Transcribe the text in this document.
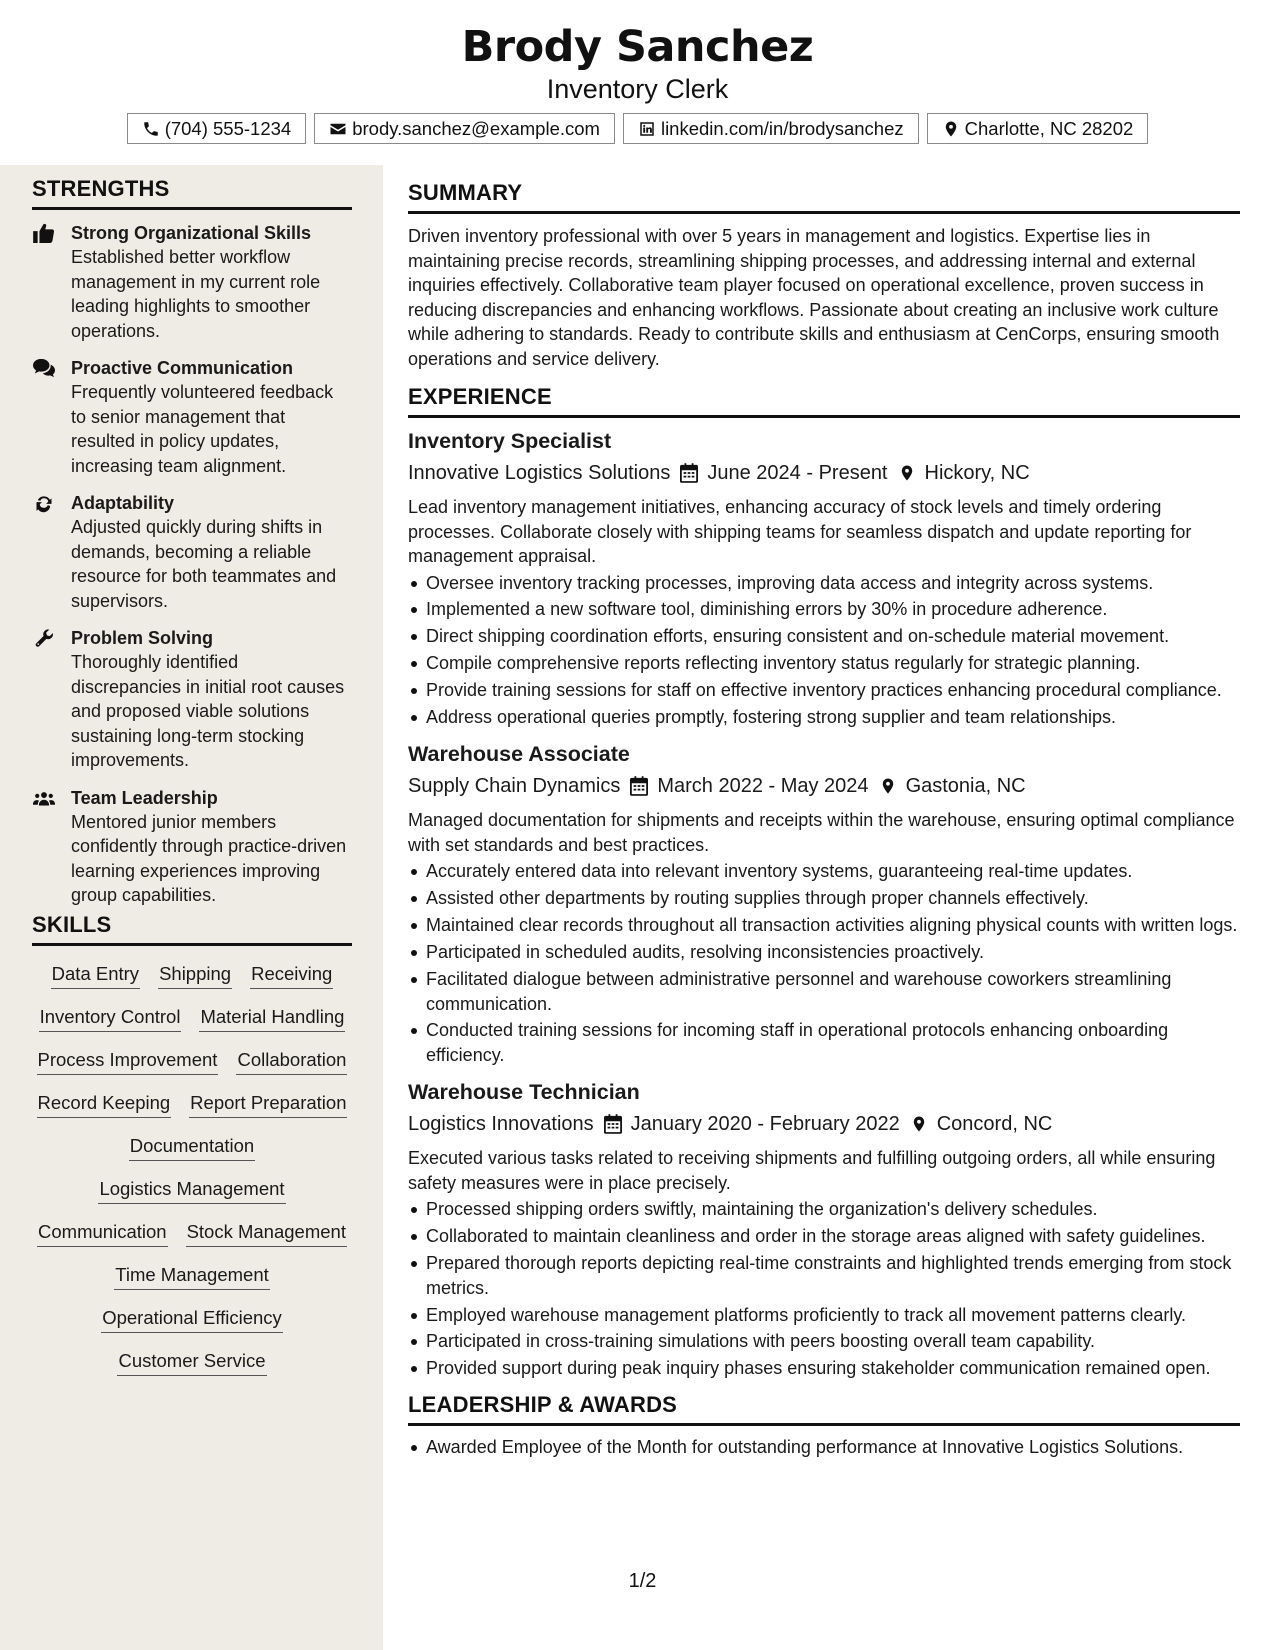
Brody Sanchez
Inventory Clerk
(704) 555-1234	brody.sanchez@example.com	linkedin.com/in/brodysanchez	Charlotte, NC 28202
STRENGTHS
Strong Organizational Skills
Established better workflow management in my current role leading highlights to smoother operations.
Proactive Communication
Frequently volunteered feedback to senior management that resulted in policy updates, increasing team alignment.
Adaptability
Adjusted quickly during shifts in demands, becoming a reliable resource for both teammates and supervisors.
Problem Solving
Thoroughly identified discrepancies in initial root causes and proposed viable solutions sustaining long-term stocking improvements.
Team Leadership
Mentored junior members confidently through practice-driven learning experiences improving group capabilities.
SKILLS
Data Entry Shipping Receiving
Inventory Control Material Handling
Process Improvement Collaboration
Record Keeping Report Preparation
Documentation
Logistics Management
Communication Stock Management
Time Management
Operational Efficiency
Customer Service
SUMMARY
Driven inventory professional with over 5 years in management and logistics. Expertise lies in maintaining precise records, streamlining shipping processes, and addressing internal and external inquiries effectively. Collaborative team player focused on operational excellence, proven success in reducing discrepancies and enhancing workflows. Passionate about creating an inclusive work culture while adhering to standards. Ready to contribute skills and enthusiasm at CenCorps, ensuring smooth operations and service delivery.
EXPERIENCE
Inventory Specialist
Innovative Logistics Solutions June 2024 - Present Hickory, NC
Lead inventory management initiatives, enhancing accuracy of stock levels and timely ordering processes. Collaborate closely with shipping teams for seamless dispatch and update reporting for management appraisal.
Oversee inventory tracking processes, improving data access and integrity across systems.
Implemented a new software tool, diminishing errors by 30% in procedure adherence.
Direct shipping coordination efforts, ensuring consistent and on-schedule material movement.
Compile comprehensive reports reflecting inventory status regularly for strategic planning.
Provide training sessions for staff on effective inventory practices enhancing procedural compliance.
Address operational queries promptly, fostering strong supplier and team relationships.
Warehouse Associate
Supply Chain Dynamics March 2022 - May 2024 Gastonia, NC
Managed documentation for shipments and receipts within the warehouse, ensuring optimal compliance with set standards and best practices.
Accurately entered data into relevant inventory systems, guaranteeing real-time updates.
Assisted other departments by routing supplies through proper channels effectively.
Maintained clear records throughout all transaction activities aligning physical counts with written logs.
Participated in scheduled audits, resolving inconsistencies proactively.
Facilitated dialogue between administrative personnel and warehouse coworkers streamlining communication.
Conducted training sessions for incoming staff in operational protocols enhancing onboarding efficiency.
Warehouse Technician
Logistics Innovations January 2020 - February 2022 Concord, NC
Executed various tasks related to receiving shipments and fulfilling outgoing orders, all while ensuring safety measures were in place precisely.
Processed shipping orders swiftly, maintaining the organization's delivery schedules.
Collaborated to maintain cleanliness and order in the storage areas aligned with safety guidelines.
Prepared thorough reports depicting real-time constraints and highlighted trends emerging from stock metrics.
Employed warehouse management platforms proficiently to track all movement patterns clearly.
Participated in cross-training simulations with peers boosting overall team capability.
Provided support during peak inquiry phases ensuring stakeholder communication remained open.
LEADERSHIP & AWARDS
Awarded Employee of the Month for outstanding performance at Innovative Logistics Solutions.
1/2
